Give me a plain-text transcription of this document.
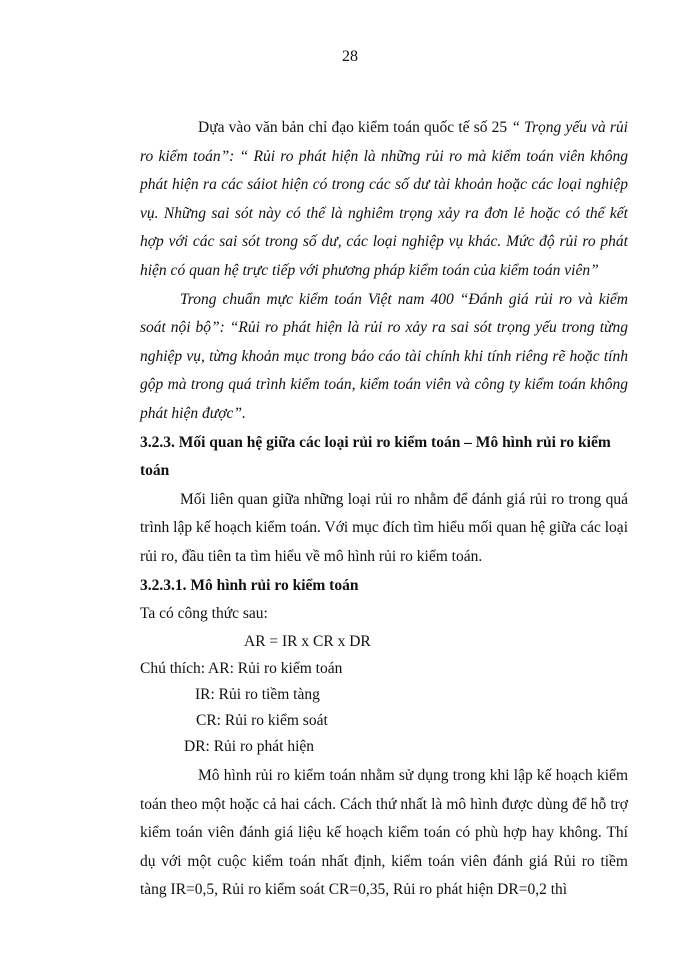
28

Dựa vào văn bản chỉ đạo kiểm toán quốc tế số 25 “ Trọng yếu và rủi ro kiểm toán”: “ Rủi ro phát hiện là những rủi ro mà kiểm toán viên không phát hiện ra các sáiot hiện có trong các số dư tài khoản hoặc các loại nghiệp vụ. Những sai sót này có thể là nghiêm trọng xảy ra đơn lẻ hoặc có thể kết hợp với các sai sót trong số dư, các loại nghiệp vụ khác. Mức độ rủi ro phát hiện có quan hệ trực tiếp với phương pháp kiểm toán của kiểm toán viên”

Trong chuẩn mực kiểm toán Việt nam 400 “Đánh giá rủi ro và kiểm soát nội bộ”: “Rủi ro phát hiện là rủi ro xảy ra sai sót trọng yếu trong từng nghiệp vụ, từng khoản mục trong báo cáo tài chính khi tính riêng rẽ hoặc tính gộp mà trong quá trình kiểm toán, kiểm toán viên và công ty kiểm toán không phát hiện được”.

3.2.3. Mối quan hệ giữa các loại rủi ro kiểm toán – Mô hình rủi ro kiểm toán

Mối liên quan giữa những loại rủi ro nhằm để đánh giá rủi ro trong quá trình lập kế hoạch kiểm toán. Với mục đích tìm hiểu mối quan hệ giữa các loại rủi ro, đầu tiên ta tìm hiểu về mô hình rủi ro kiểm toán.

3.2.3.1. Mô hình rủi ro kiểm toán
Ta có công thức sau:
AR = IR x CR x DR
Chú thích: AR: Rủi ro kiểm toán
IR: Rủi ro tiềm tàng
CR: Rủi ro kiểm soát
DR: Rủi ro phát hiện

Mô hình rủi ro kiểm toán nhằm sử dụng trong khi lập kế hoạch kiểm toán theo một hoặc cả hai cách. Cách thứ nhất là mô hình được dùng để hỗ trợ kiểm toán viên đánh giá liệu kế hoạch kiểm toán có phù hợp hay không. Thí dụ với một cuộc kiểm toán nhất định, kiểm toán viên đánh giá Rủi ro tiềm tàng IR=0,5, Rủi ro kiểm soát CR=0,35, Rủi ro phát hiện DR=0,2 thì
